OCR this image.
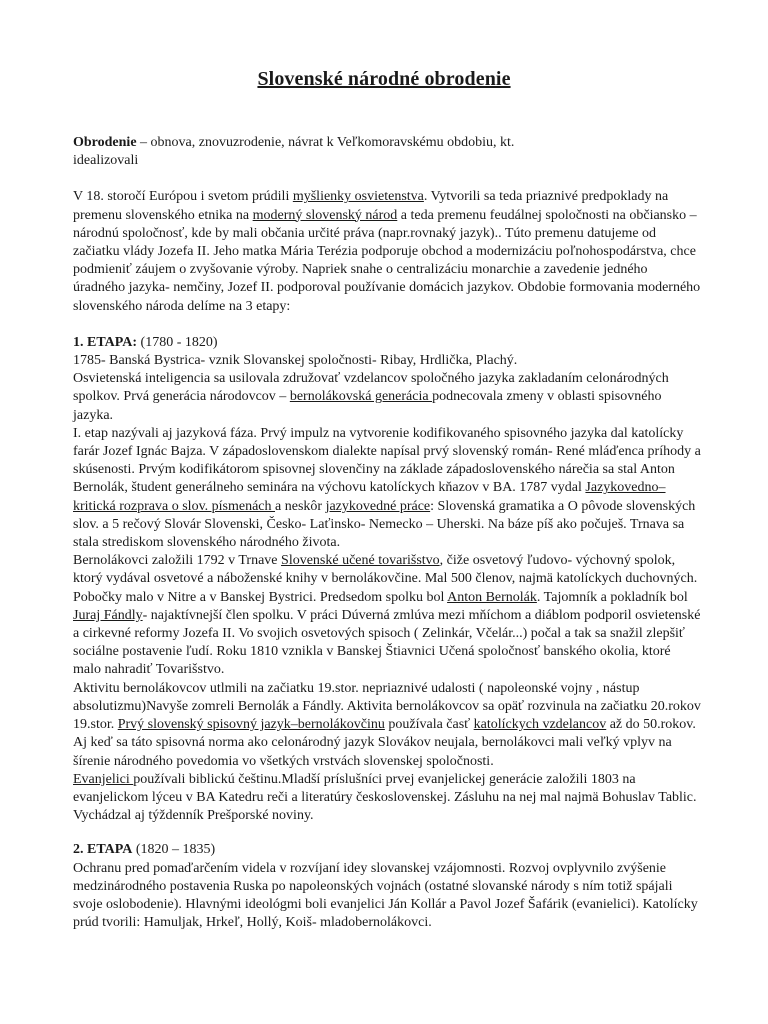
Slovenské národné obrodenie

Obrodenie – obnova, znovuzrodenie, návrat k Veľkomoravskému obdobiu, kt.
idealizovali

V 18. storočí Európou i svetom prúdili myšlienky osvietenstva. Vytvorili sa teda priaznivé predpoklady na premenu slovenského etnika na moderný slovenský národ a teda premenu feudálnej spoločnosti na občiansko – národnú spoločnosť, kde by mali občania určité práva (napr.rovnaký jazyk).. Túto premenu datujeme od začiatku vlády Jozefa II. Jeho matka Mária Terézia podporuje obchod a modernizáciu poľnohospodárstva, chce podmieniť záujem o zvyšovanie výroby. Napriek snahe o centralizáciu monarchie a zavedenie jedného úradného jazyka- nemčiny, Jozef II. podporoval používanie domácich jazykov. Obdobie formovania moderného slovenského národa delíme na 3 etapy:

1. ETAPA: (1780 - 1820)

1785- Banská Bystrica- vznik Slovanskej spoločnosti- Ribay, Hrdlička, Plachý.

Osvietenská inteligencia sa usilovala združovať vzdelancov spoločného jazyka zakladaním celonárodných spolkov. Prvá generácia národovcov – bernolákovská generácia podnecovala zmeny v oblasti spisovného jazyka.

I. etap nazývali aj jazyková fáza. Prvý impulz na vytvorenie kodifikovaného spisovného jazyka dal katolícky farár Jozef Ignác Bajza. V západoslovenskom dialekte napísal prvý slovenský román- René mláďenca príhody a skúsenosti. Prvým kodifikátorom spisovnej slovenčiny na základe západoslovenského nárečia sa stal Anton Bernolák, študent generálneho seminára na výchovu katolíckych kňazov v BA. 1787 vydal Jazykovedno– kritická rozprava o slov. písmenách a neskôr jazykovedné práce: Slovenská gramatika a O pôvode slovenských slov. a 5 rečový Slovár Slovenski, Česko- Laťinsko- Nemecko – Uherski. Na báze píš ako počuješ. Trnava sa stala strediskom slovenského národného života.

Bernolákovci založili 1792 v Trnave Slovenské učené tovarišstvo, čiže osvetový ľudovo- výchovný spolok, ktorý vydával osvetové a náboženské knihy v bernolákovčine. Mal 500 členov, najmä katolíckych duchovných. Pobočky malo v Nitre a v Banskej Bystrici. Predsedom spolku bol Anton Bernolák. Tajomník a pokladník bol Juraj Fándly- najaktívnejší člen spolku. V práci Dúverná zmlúva mezi mňíchom a diáblom podporil osvietenské a cirkevné reformy Jozefa II. Vo svojich osvetových spisoch ( Zelinkár, Včelár...) počal a tak sa snažil zlepšiť sociálne postavenie ľudí. Roku 1810 vznikla v Banskej Štiavnici Učená spoločnosť banského okolia, ktoré malo nahradiť Tovarišstvo.

Aktivitu bernolákovcov utlmili na začiatku 19.stor. nepriaznivé udalosti ( napoleonské vojny , nástup absolutizmu)Navyše zomreli Bernolák a Fándly. Aktivita bernolákovcov sa opäť rozvinula na začiatku 20.rokov 19.stor. Prvý slovenský spisovný jazyk–bernolákovčinu používala časť katolíckych vzdelancov až do 50.rokov. Aj keď sa táto spisovná norma ako celonárodný jazyk Slovákov neujala, bernolákovci mali veľký vplyv na šírenie národného povedomia vo všetkých vrstvách slovenskej spoločnosti.

Evanjelici používali biblickú češtinu.Mladší príslušníci prvej evanjelickej generácie založili 1803 na evanjelickom lýceu v BA Katedru reči a literatúry československej. Zásluhu na nej mal najmä Bohuslav Tablic. Vychádzal aj týždenník Prešporské noviny.

2. ETAPA (1820 – 1835)

Ochranu pred pomaďarčením videla v rozvíjaní idey slovanskej vzájomnosti. Rozvoj ovplyvnilo zvýšenie medzinárodného postavenia Ruska po napoleonských vojnách (ostatné slovanské národy s ním totiž spájali svoje oslobodenie). Hlavnými ideológmi boli evanjelici Ján Kollár a Pavol Jozef Šafárik (evanielici). Katolícky prúd tvorili: Hamuljak, Hrkeľ, Hollý, Koiš- mladobernolákovci.
